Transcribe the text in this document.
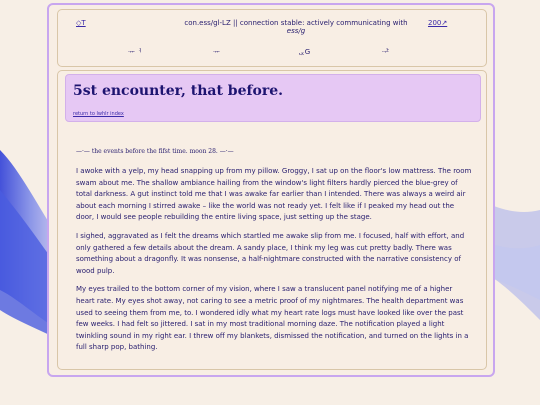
◇T	con.ess/gl-LZ || connection stable: actively communicating with ess/g
200↗
ᅲᅥ	ᅲ	ᆬG	ᅷ
5st encounter, that before.
return to lwhlr index
—·— the events before the fifst time. moon 28. —·—

I awoke with a yelp, my head snapping up from my pillow. Groggy, I sat up on the floor's low mattress. The room swam about me. The shallow ambiance hailing from the window's light filters hardly pierced the blue-grey of total darkness. A gut instinct told me that I was awake far earlier than I intended. There was always a weird air about each morning I stirred awake – like the world was not ready yet. I felt like if I peaked my head out the door, I would see people rebuilding the entire living space, just setting up the stage.

I sighed, aggravated as I felt the dreams which startled me awake slip from me. I focused, half with effort, and only gathered a few details about the dream. A sandy place, I think my leg was cut pretty badly. There was something about a dragonfly. It was nonsense, a half-nightmare constructed with the narrative consistency of wood pulp.

My eyes trailed to the bottom corner of my vision, where I saw a translucent panel notifying me of a higher heart rate. My eyes shot away, not caring to see a metric proof of my nightmares. The health department was used to seeing them from me, to. I wondered idly what my heart rate logs must have looked like over the past few weeks. I had felt so jittered. I sat in my most traditional morning daze. The notification played a light twinkling sound in my right ear. I threw off my blankets, dismissed the notification, and turned on the lights in a full sharp pop, bathing.
